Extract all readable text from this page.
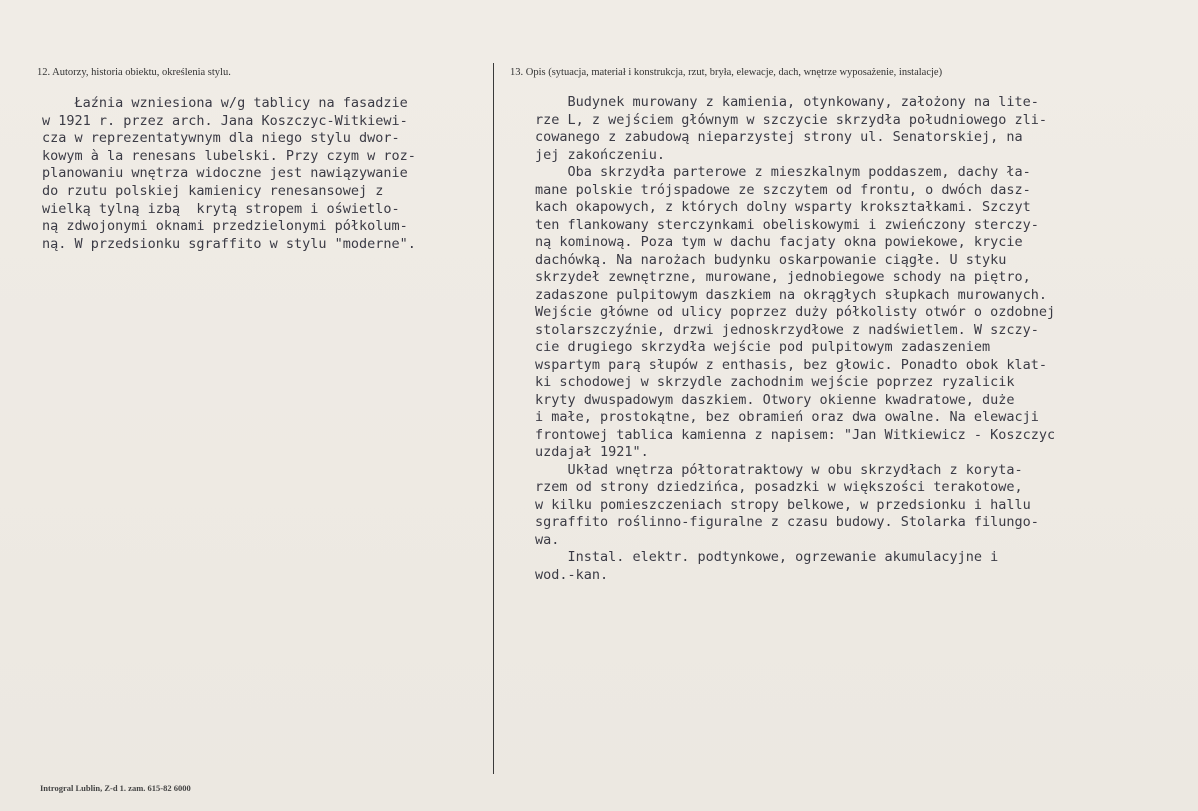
12. Autorzy, historia obiektu, określenia stylu.	13. Opis (sytuacja, materiał i konstrukcja, rzut, bryła, elewacje, dach, wnętrze wyposażenie, instalacje)
Łaźnia wzniesiona w/g tablicy na fasadzie
w 1921 r. przez arch. Jana Koszczyc-Witkiewi-
cza w reprezentatywnym dla niego stylu dwor-
kowym à la renesans lubelski. Przy czym w roz-
planowaniu wnętrza widoczne jest nawiązywanie
do rzutu polskiej kamienicy renesansowej z
wielką tylną izbą  krytą stropem i oświetlo-
ną zdwojonymi oknami przedzielonymi półkolum-
ną. W przedsionku sgraffito w stylu "moderne".
Budynek murowany z kamienia, otynkowany, założony na lite-
rze L, z wejściem głównym w szczycie skrzydła południowego zli-
cowanego z zabudową nieparzystej strony ul. Senatorskiej, na
jej zakończeniu.
Oba skrzydła parterowe z mieszkalnym poddaszem, dachy ła-
mane polskie trójspadowe ze szczytem od frontu, o dwóch dasz-
kach okapowych, z których dolny wsparty krokształkami. Szczyt
ten flankowany sterczynkami obeliskowymi i zwieńczony sterczy-
ną kominową. Poza tym w dachu facjaty okna powiekowe, krycie
dachówką. Na narożach budynku oskarpowanie ciągłe. U styku
skrzydeł zewnętrzne, murowane, jednobiegowe schody na piętro,
zadaszone pulpitowym daszkiem na okrągłych słupkach murowanych.
Wejście główne od ulicy poprzez duży półkolisty otwór o ozdobnej
stolarszczyźnie, drzwi jednoskrzydłowe z nadświetlem. W szczy-
cie drugiego skrzydła wejście pod pulpitowym zadaszeniem
wspartym parą słupów z enthasis, bez głowic. Ponadto obok klat-
ki schodowej w skrzydle zachodnim wejście poprzez ryzalicik
kryty dwuspadowym daszkiem. Otwory okienne kwadratowe, duże
i małe, prostokątne, bez obramień oraz dwa owalne. Na elewacji
frontowej tablica kamienna z napisem: "Jan Witkiewicz - Koszczyc
uzdajał 1921".
Układ wnętrza półtoratraktowy w obu skrzydłach z koryta-
rzem od strony dziedzińca, posadzki w większości terakotowe,
w kilku pomieszczeniach stropy belkowe, w przedsionku i hallu
sgraffito roślinno-figuralne z czasu budowy. Stolarka filungo-
wa.
Instal. elektr. podtynkowe, ogrzewanie akumulacyjne i
wod.-kan.
Introgral Lublin, Z-d 1. zam. 615-82 6000
